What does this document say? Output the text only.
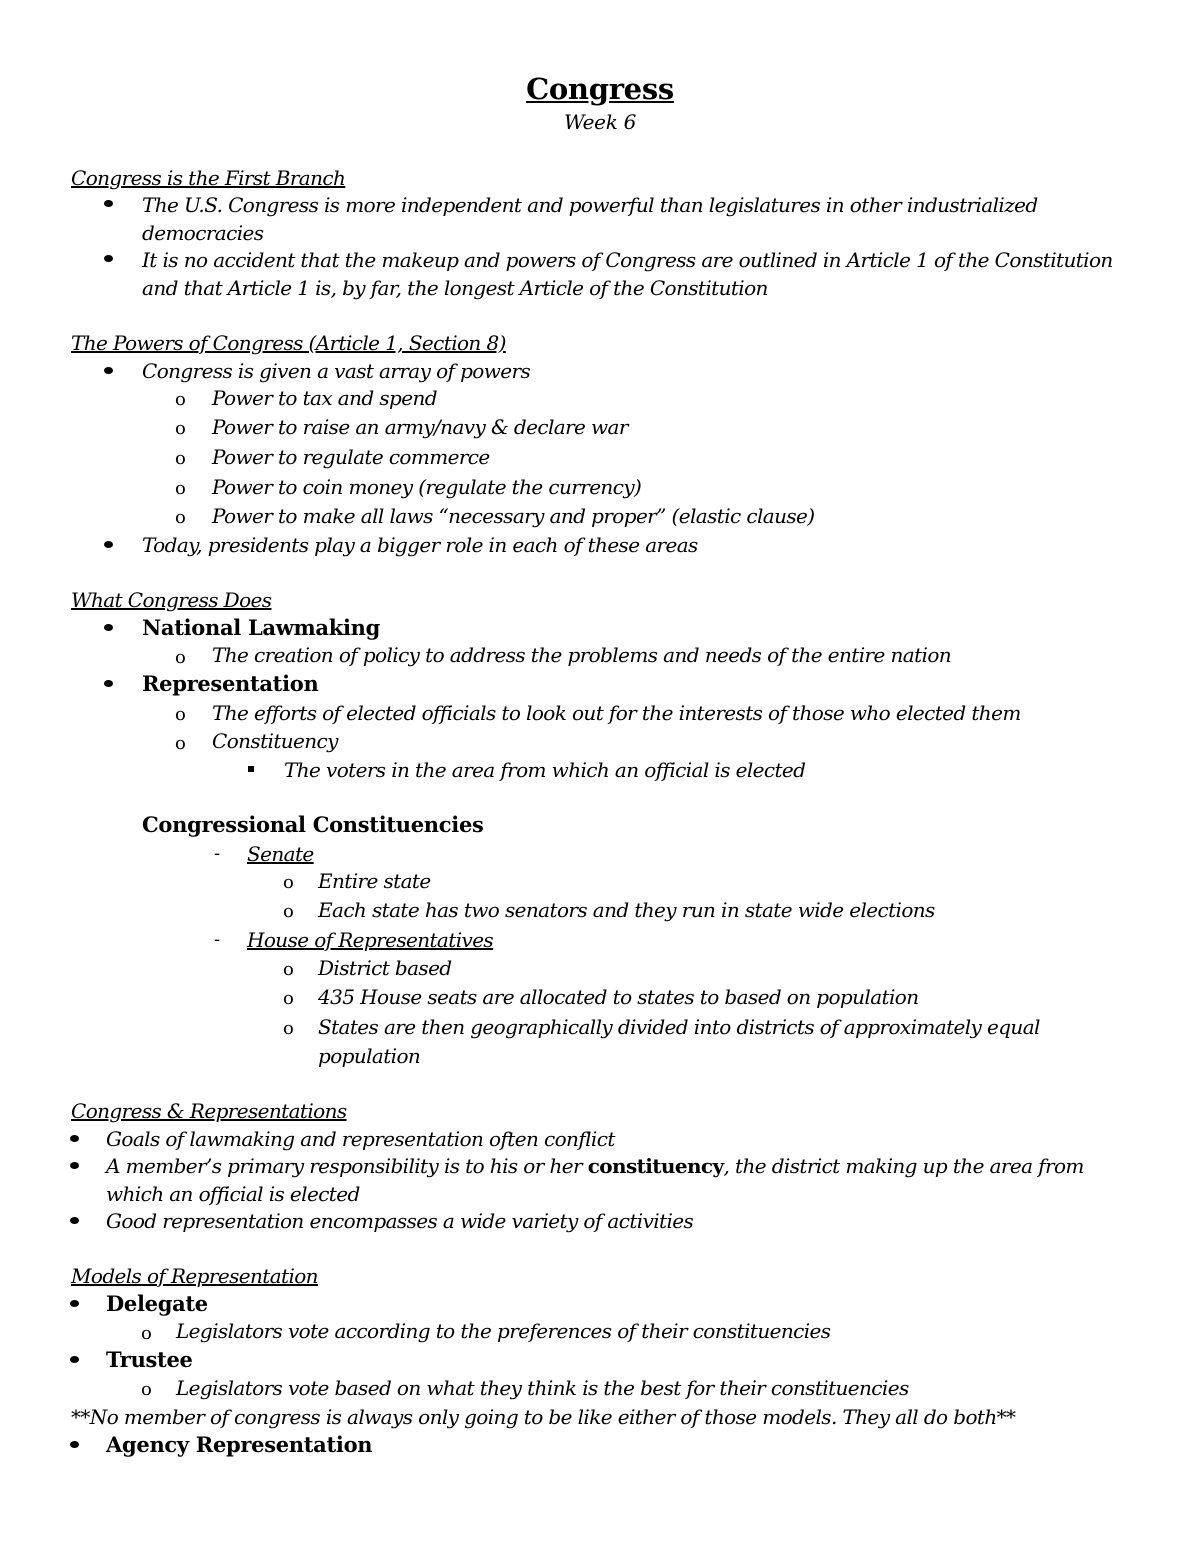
Congress
Week 6
Congress is the First Branch
The U.S. Congress is more independent and powerful than legislatures in other industrialized
democracies
It is no accident that the makeup and powers of Congress are outlined in Article 1 of the Constitution
and that Article 1 is, by far, the longest Article of the Constitution
The Powers of Congress (Article 1, Section 8)
Congress is given a vast array of powers
o Power to tax and spend
o Power to raise an army/navy & declare war
o Power to regulate commerce
o Power to coin money (regulate the currency)
o Power to make all laws “necessary and proper” (elastic clause)
Today, presidents play a bigger role in each of these areas
What Congress Does
National Lawmaking
o The creation of policy to address the problems and needs of the entire nation
Representation
o The efforts of elected officials to look out for the interests of those who elected them
o Constituency
The voters in the area from which an official is elected
Congressional Constituencies
- Senate
o Entire state
o Each state has two senators and they run in state wide elections
- House of Representatives
o District based
o 435 House seats are allocated to states to based on population
o States are then geographically divided into districts of approximately equal
population
Congress & Representations
Goals of lawmaking and representation often conflict
A member’s primary responsibility is to his or her constituency, the district making up the area from
which an official is elected
Good representation encompasses a wide variety of activities
Models of Representation
Delegate
o Legislators vote according to the preferences of their constituencies
Trustee
o Legislators vote based on what they think is the best for their constituencies
**No member of congress is always only going to be like either of those models. They all do both**
Agency Representation
